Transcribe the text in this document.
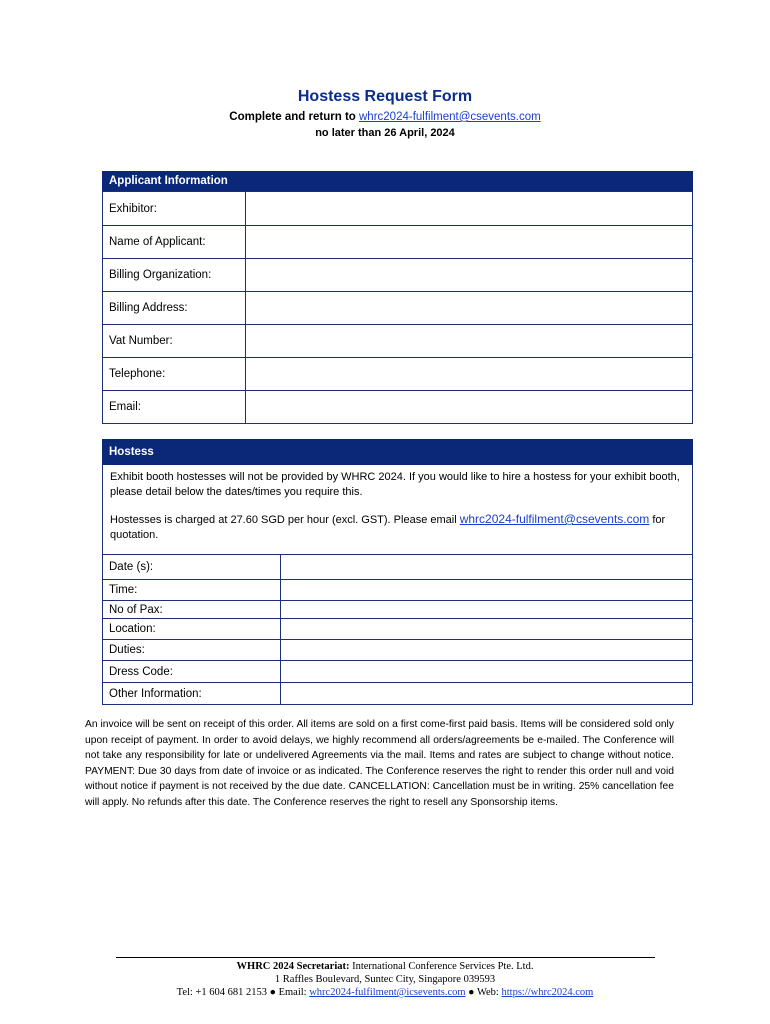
Hostess Request Form
Complete and return to whrc2024-fulfilment@csevents.com
no later than 26 April, 2024
Applicant Information
Exhibitor:	
Name of Applicant:	
Billing Organization:	
Billing Address:	
Vat Number:	
Telephone:	
Email:	
Hostess

Exhibit booth hostesses will not be provided by WHRC 2024. If you would like to hire a hostess for your exhibit booth, please detail below the dates/times you require this.

Hostesses is charged at 27.60 SGD per hour (excl. GST). Please email whrc2024-fulfilment@csevents.com for quotation.

Date (s):	
Time:	
No of Pax:	
Location:	
Duties:	
Dress Code:	
Other Information:	
An invoice will be sent on receipt of this order. All items are sold on a first come-first paid basis. Items will be considered sold only upon receipt of payment. In order to avoid delays, we highly recommend all orders/agreements be e-mailed. The Conference will not take any responsibility for late or undelivered Agreements via the mail. Items and rates are subject to change without notice. PAYMENT: Due 30 days from date of invoice or as indicated. The Conference reserves the right to render this order null and void without notice if payment is not received by the due date. CANCELLATION: Cancellation must be in writing. 25% cancellation fee will apply. No refunds after this date. The Conference reserves the right to resell any Sponsorship items.
WHRC 2024 Secretariat: International Conference Services Pte. Ltd.
1 Raffles Boulevard, Suntec City, Singapore 039593
Tel: +1 604 681 2153 ● Email: whrc2024-fulfilment@icsevents.com ● Web: https://whrc2024.com
